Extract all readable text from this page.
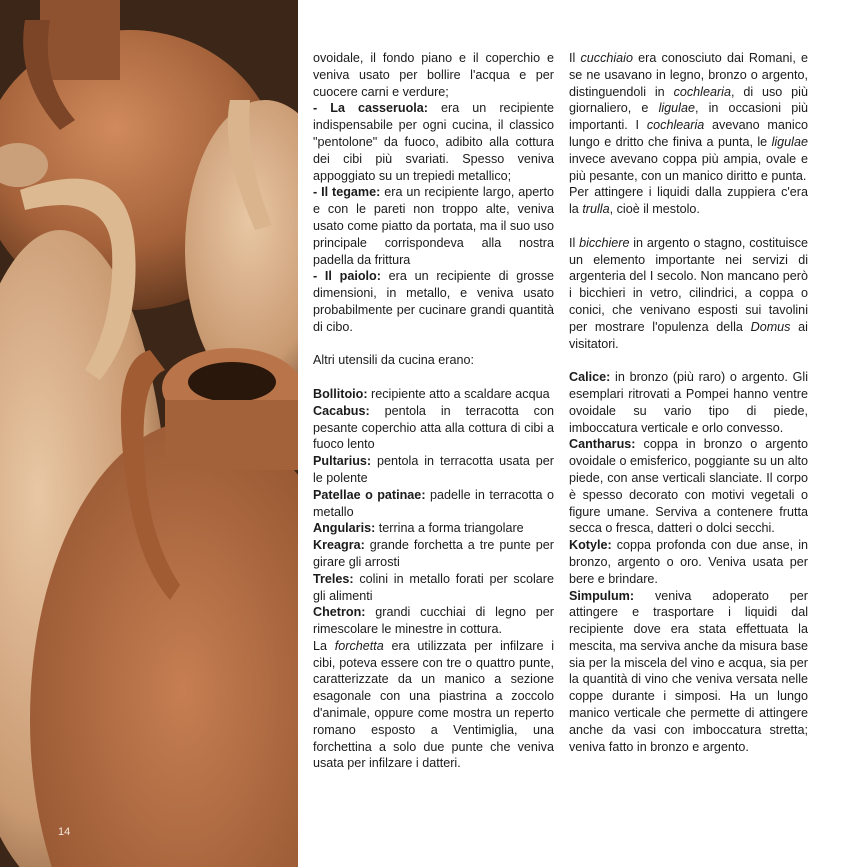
14

ovoidale, il fondo piano e il coperchio e veniva usato per bollire l'acqua e per cuocere carni e verdure;

- La casseruola: era un recipiente indispensabile per ogni cucina, il classico "pentolone" da fuoco, adibito alla cottura dei cibi più svariati. Spesso veniva appoggiato su un trepiedi metallico;

- Il tegame: era un recipiente largo, aperto e con le pareti non troppo alte, veniva usato come piatto da portata, ma il suo uso principale corrispondeva alla nostra padella da frittura

- Il paiolo: era un recipiente di grosse dimensioni, in metallo, e veniva usato probabilmente per cucinare grandi quantità di cibo.

Altri utensili da cucina erano:

Bollitoio: recipiente atto a scaldare acqua

Cacabus: pentola in terracotta con pesante coperchio atta alla cottura di cibi a fuoco lento

Pultarius: pentola in terracotta usata per le polente

Patellae o patinae: padelle in terracotta o metallo

Angularis: terrina a forma triangolare

Kreagra: grande forchetta a tre punte per girare gli arrosti

Treles: colini in metallo forati per scolare gli alimenti

Chetron: grandi cucchiai di legno per rimescolare le minestre in cottura.

La forchetta era utilizzata per infilzare i cibi, poteva essere con tre o quattro punte, caratterizzate da un manico a sezione esagonale con una piastrina a zoccolo d'animale, oppure come mostra un reperto romano esposto a Ventimiglia, una forchettina a solo due punte che veniva usata per infilzare i datteri.

Il cucchiaio era conosciuto dai Romani, e se ne usavano in legno, bronzo o argento, distinguendoli in cochlearia, di uso più giornaliero, e ligulae, in occasioni più importanti. I cochlearia avevano manico lungo e dritto che finiva a punta, le ligulae invece avevano coppa più ampia, ovale e più pesante, con un manico diritto e punta.

Per attingere i liquidi dalla zuppiera c'era la trulla, cioè il mestolo.

Il bicchiere in argento o stagno, costituisce un elemento importante nei servizi di argenteria del I secolo. Non mancano però i bicchieri in vetro, cilindrici, a coppa o conici, che venivano esposti sui tavolini per mostrare l'opulenza della Domus ai visitatori.

Calice: in bronzo (più raro) o argento. Gli esemplari ritrovati a Pompei hanno ventre ovoidale su vario tipo di piede, imboccatura verticale e orlo convesso.

Cantharus: coppa in bronzo o argento ovoidale o emisferico, poggiante su un alto piede, con anse verticali slanciate. Il corpo è spesso decorato con motivi vegetali o figure umane. Serviva a contenere frutta secca o fresca, datteri o dolci secchi.

Kotyle: coppa profonda con due anse, in bronzo, argento o oro. Veniva usata per bere e brindare.

Simpulum: veniva adoperato per attingere e trasportare i liquidi dal recipiente dove era stata effettuata la mescita, ma serviva anche da misura base sia per la miscela del vino e acqua, sia per la quantità di vino che veniva versata nelle coppe durante i simposi. Ha un lungo manico verticale che permette di attingere anche da vasi con imboccatura stretta; veniva fatto in bronzo e argento.
